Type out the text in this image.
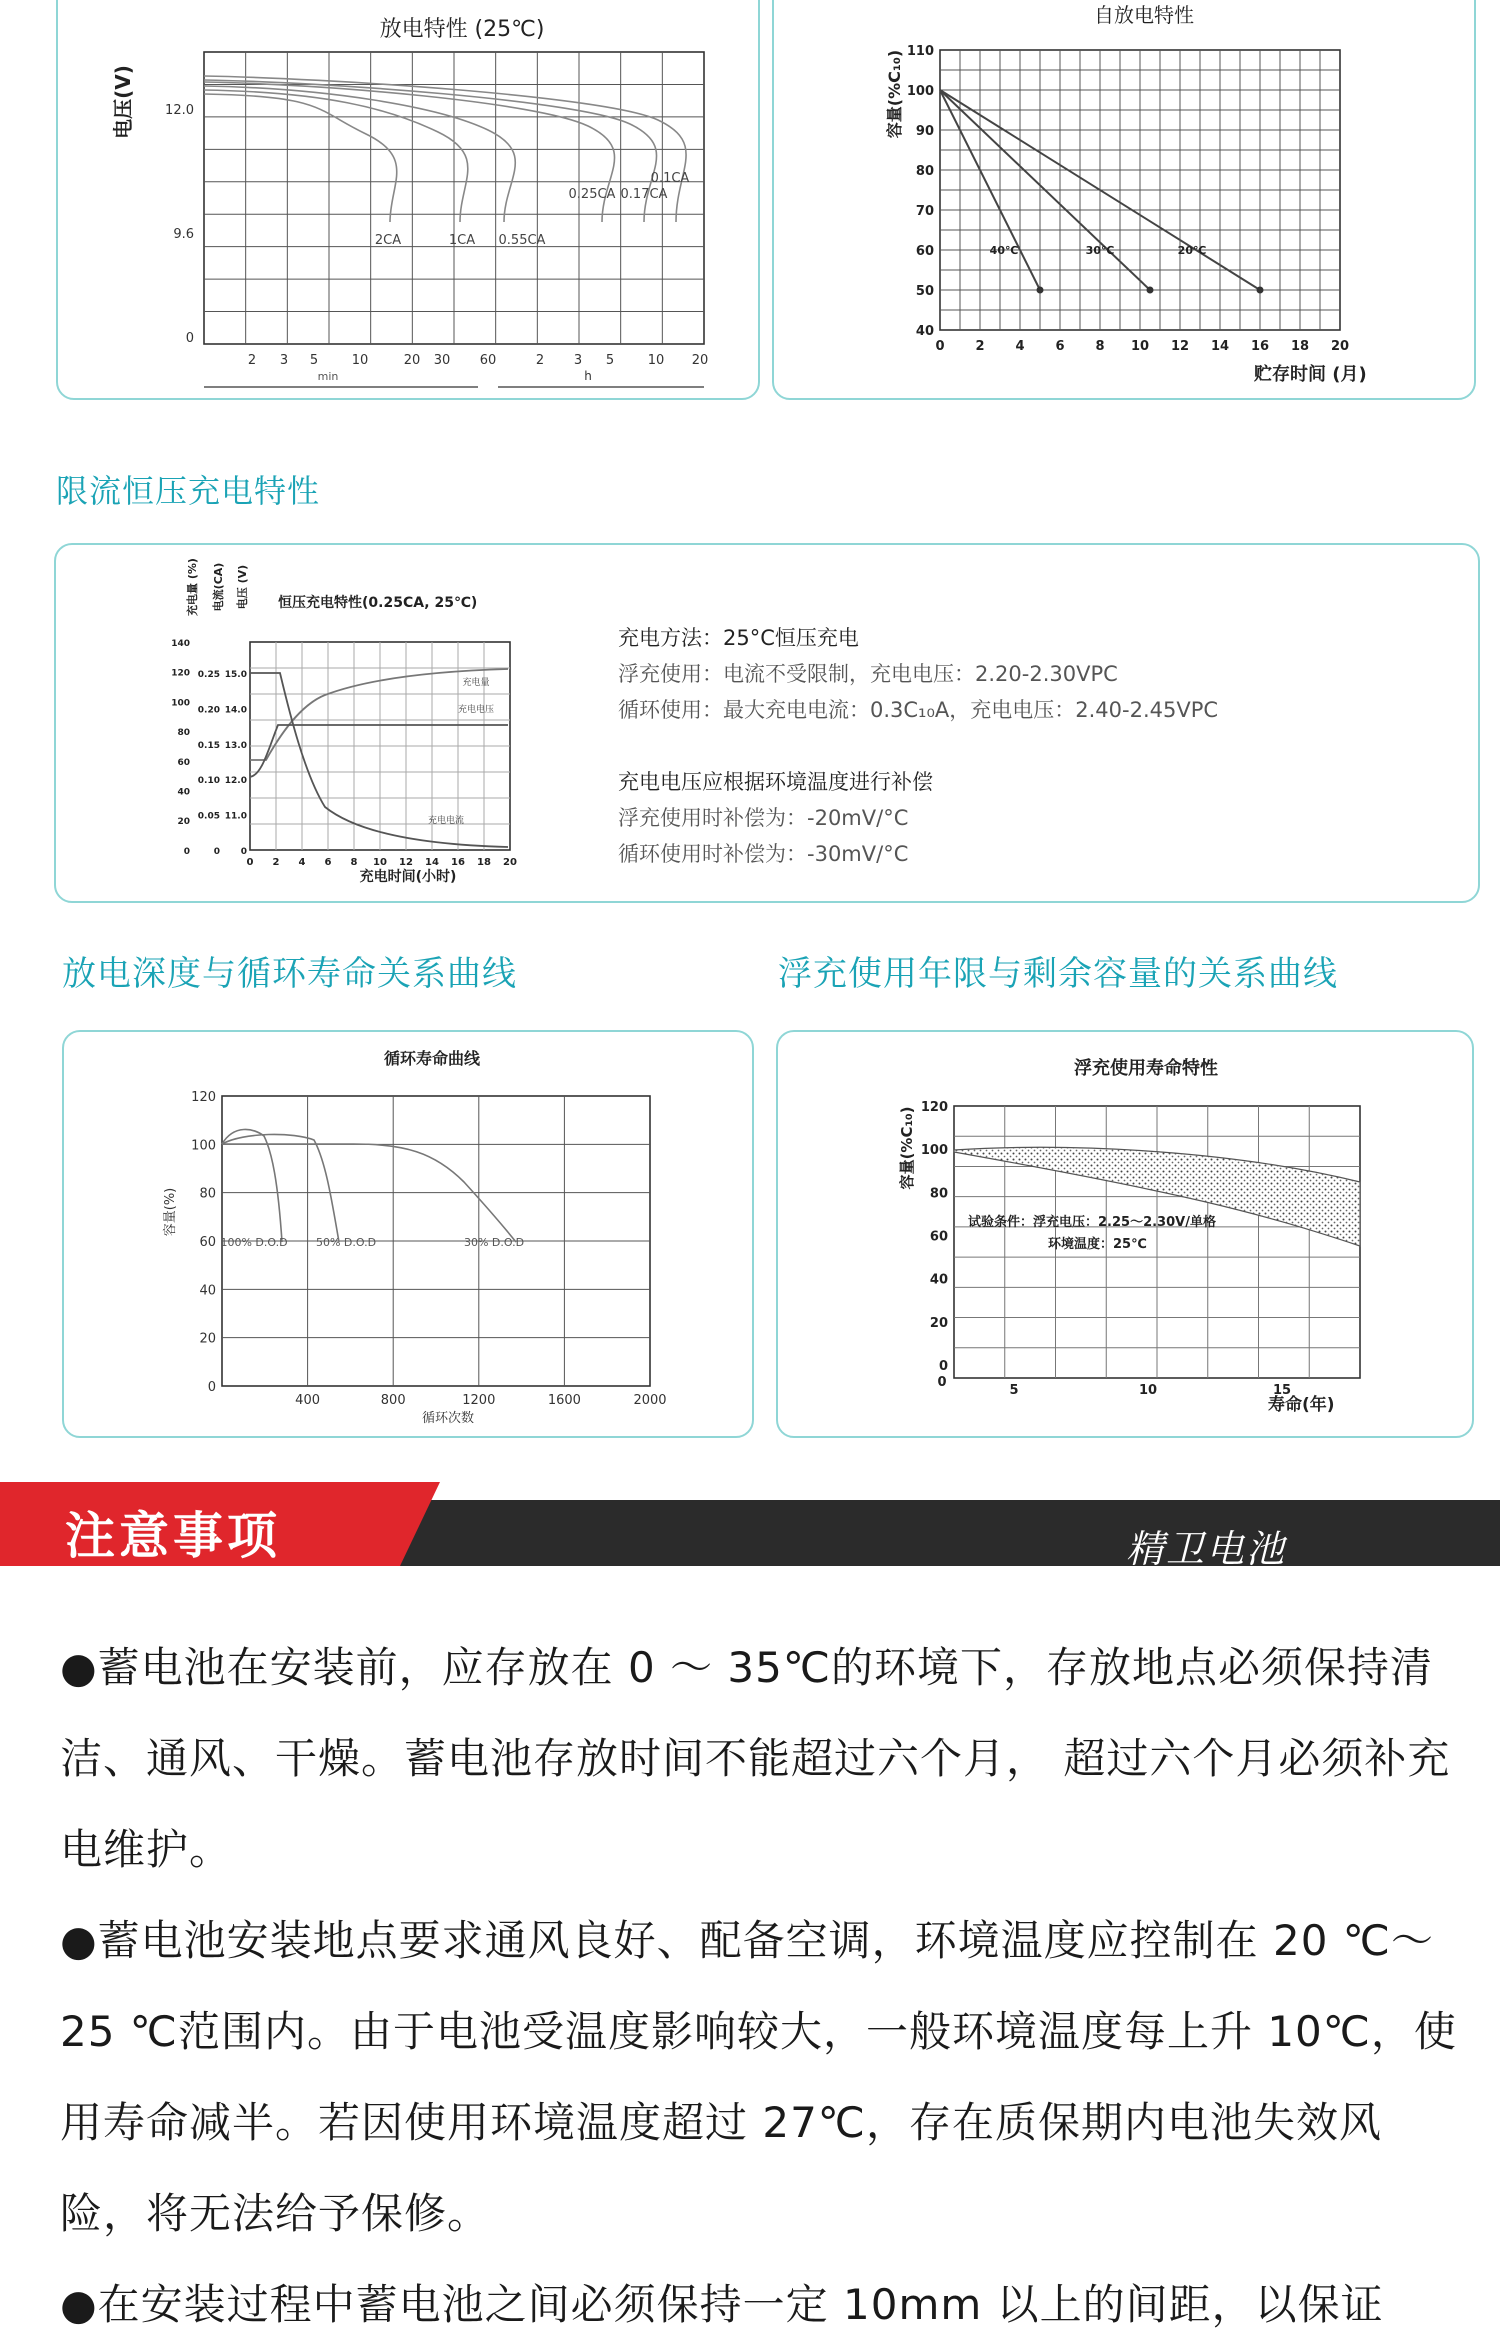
放电特性 (25℃)
电压(V) 12.0
9.6
0
2 3 5	10	20 30 60	2 3 5	10 20
min	h
2CA	1CA 0.55CA
0.25CA 0.17CA
0.1CA
自放电特性
容量(%C₁₀)
贮存时间 (月)
110
100
90
80
70
60
50
40
0 2 4 6 8 10 12 14 16 18 20
40℃	30℃	20℃
限流恒压充电特性
恒压充电特性(0.25CA, 25℃)
充电时间(小时)
充电量 (%) 电流(CA) 电压 (V)
140
120
100
80
60
40
20
0
0.25
0.20
0.15
0.10
0.05
0
15.0
14.0
13.0
12.0
11.0
0
0 2 4 6 8 10 12 14 16 18 20
充电量
充电电压
充电电流
充电方法：25°C恒压充电
浮充使用：电流不受限制，充电电压：2.20-2.30VPC
循环使用：最大充电电流：0.3C₁₀A，充电电压：2.40-2.45VPC
充电电压应根据环境温度进行补偿
浮充使用时补偿为：-20mV/°C
循环使用时补偿为：-30mV/°C
放电深度与循环寿命关系曲线	浮充使用年限与剩余容量的关系曲线
循环寿命曲线
容量(%)
循环次数
120
100
80
60
40
20
0
400	800	1200	1600	2000
100% D.O.D	50% D.O.D	30% D.O.D
浮充使用寿命特性
容量(%C₁₀)
寿命(年)
120
100
80
60
40
20
0
0
5	10	15
试验条件：浮充电压：2.25～2.30V/单格
环境温度：25℃
注意事项	精卫电池

●蓄电池在安装前，应存放在 0 ～ 35℃的环境下，存放地点必须保持清洁、通风、干燥。蓄电池存放时间不能超过六个月， 超过六个月必须补充电维护。

●蓄电池安装地点要求通风良好、配备空调，环境温度应控制在 20 ℃～ 25 ℃范围内。由于电池受温度影响较大，一般环境温度每上升 10℃，使用寿命减半。若因使用环境温度超过 27℃，存在质保期内电池失效风险，将无法给予保修。

●在安装过程中蓄电池之间必须保持一定 10mm 以上的间距，以保证
